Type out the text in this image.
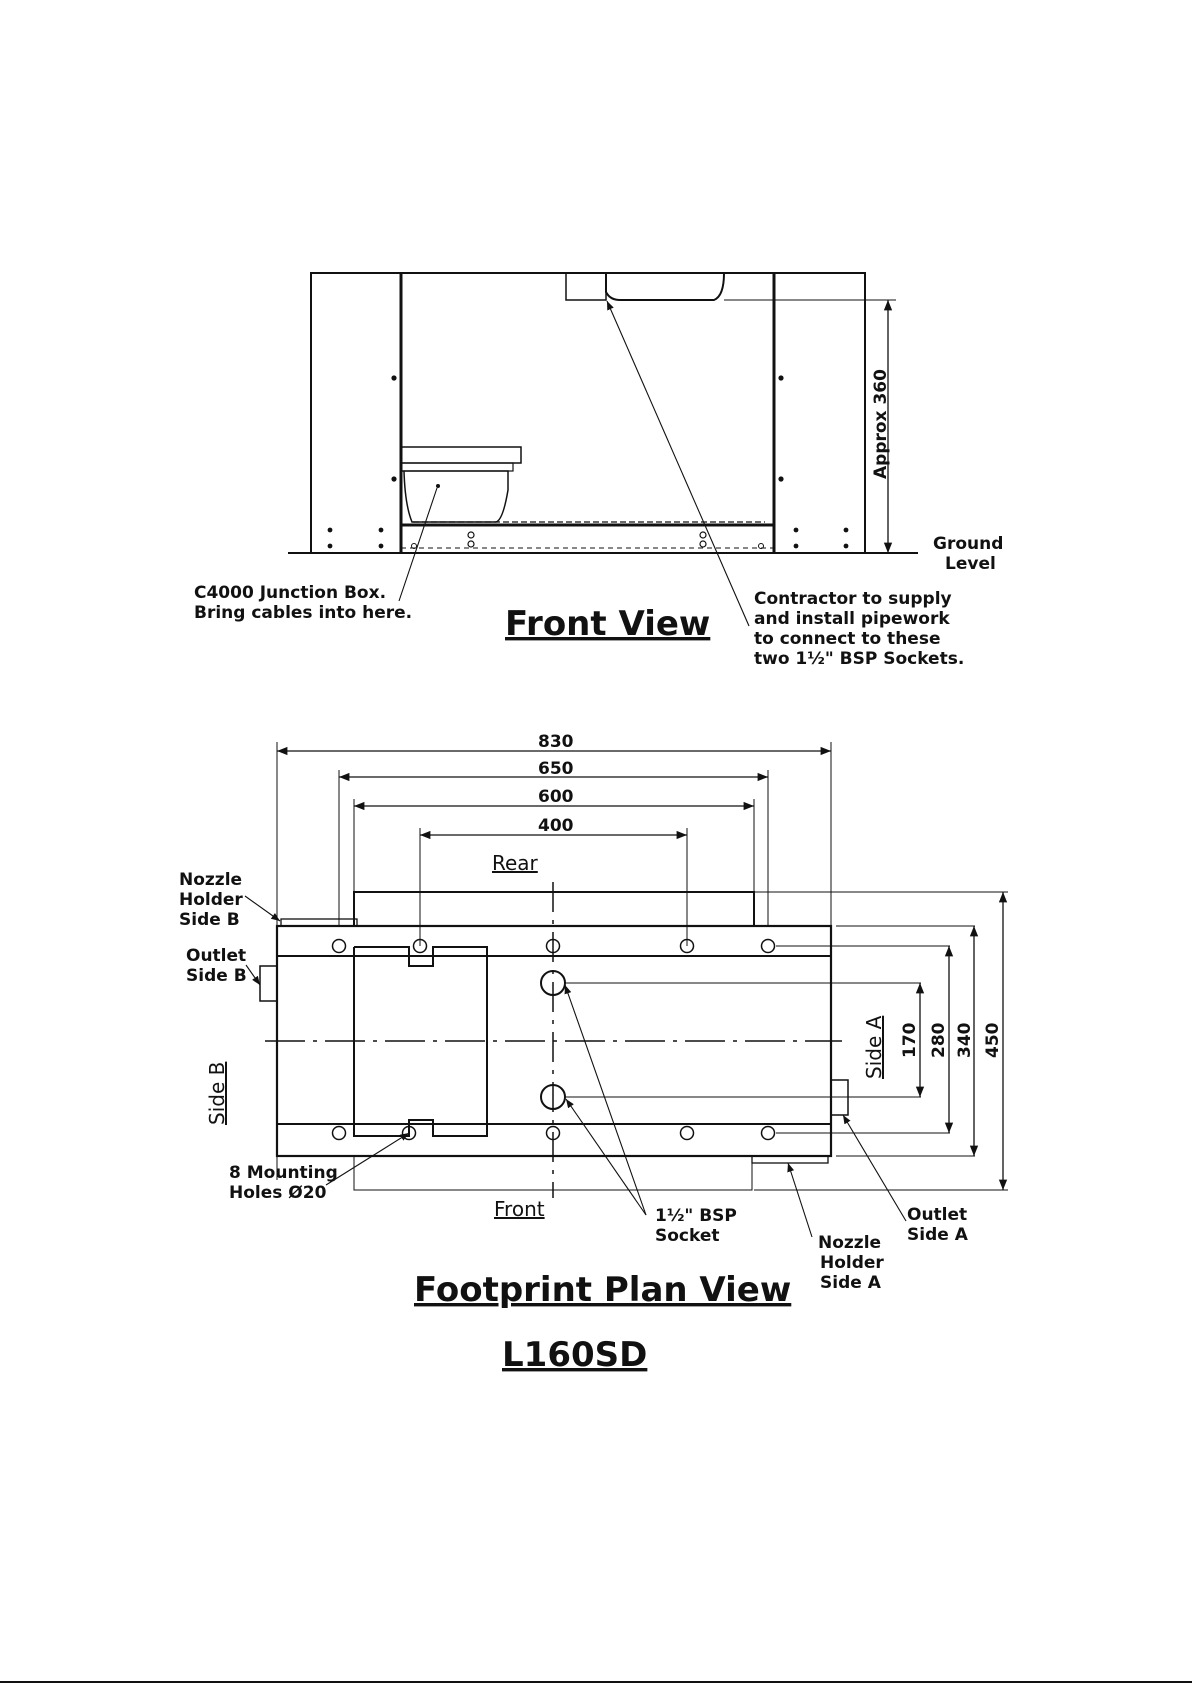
Approx 360
Ground
Level
C4000 Junction Box.
Bring cables into here.
Contractor to supply
and install pipework
to connect to these
two 1½" BSP Sockets.
Front View
830
650
600
400
Rear
Front
Side A
Side B
170 280 340 450
Nozzle
Holder
Side B
Outlet
Side B
8 Mounting
Holes Ø20
1½" BSP
Socket	Nozzle
Holder
Side A
Outlet
Side A
Footprint Plan View
L160SD
